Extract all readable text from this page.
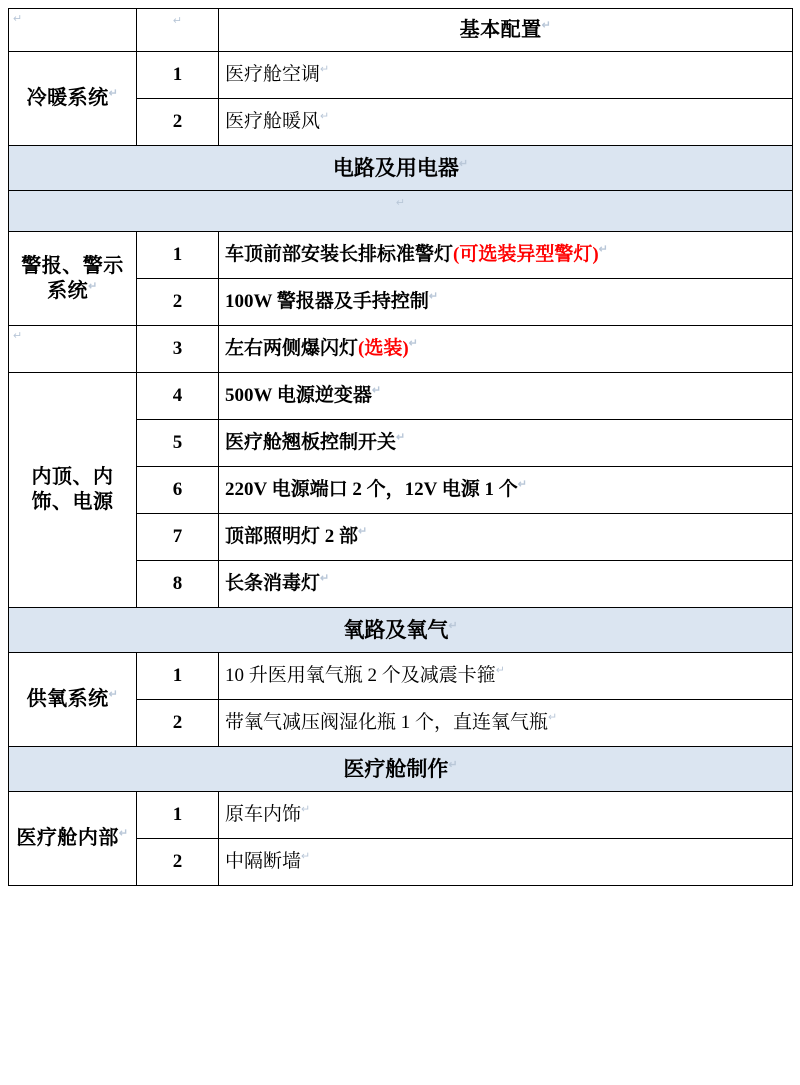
↵	↵	基本配置↵
冷暖系统↵	1	医疗舱空调↵
	2	医疗舱暖风↵
电路及用电器↵

↵		

警报、警示系统↵	1	车顶前部安装长排标准警灯(可选装异型警灯)↵
	2	100W 警报器及手持控制↵

↵	3	左右两侧爆闪灯(选装)↵
内顶、内饰、电源	4	500W 电源逆变器↵
	5	医疗舱翘板控制开关↵
	6	220V 电源端口 2 个，12V 电源 1 个↵
	7	顶部照明灯 2 部↵
	8	长条消毒灯↵
氧路及氧气↵
供氧系统↵	1	10 升医用氧气瓶 2 个及减震卡箍↵
	2	带氧气减压阀湿化瓶 1 个，直连氧气瓶↵
医疗舱制作↵
医疗舱内部↵	1	原车内饰↵
	2	中隔断墙↵
